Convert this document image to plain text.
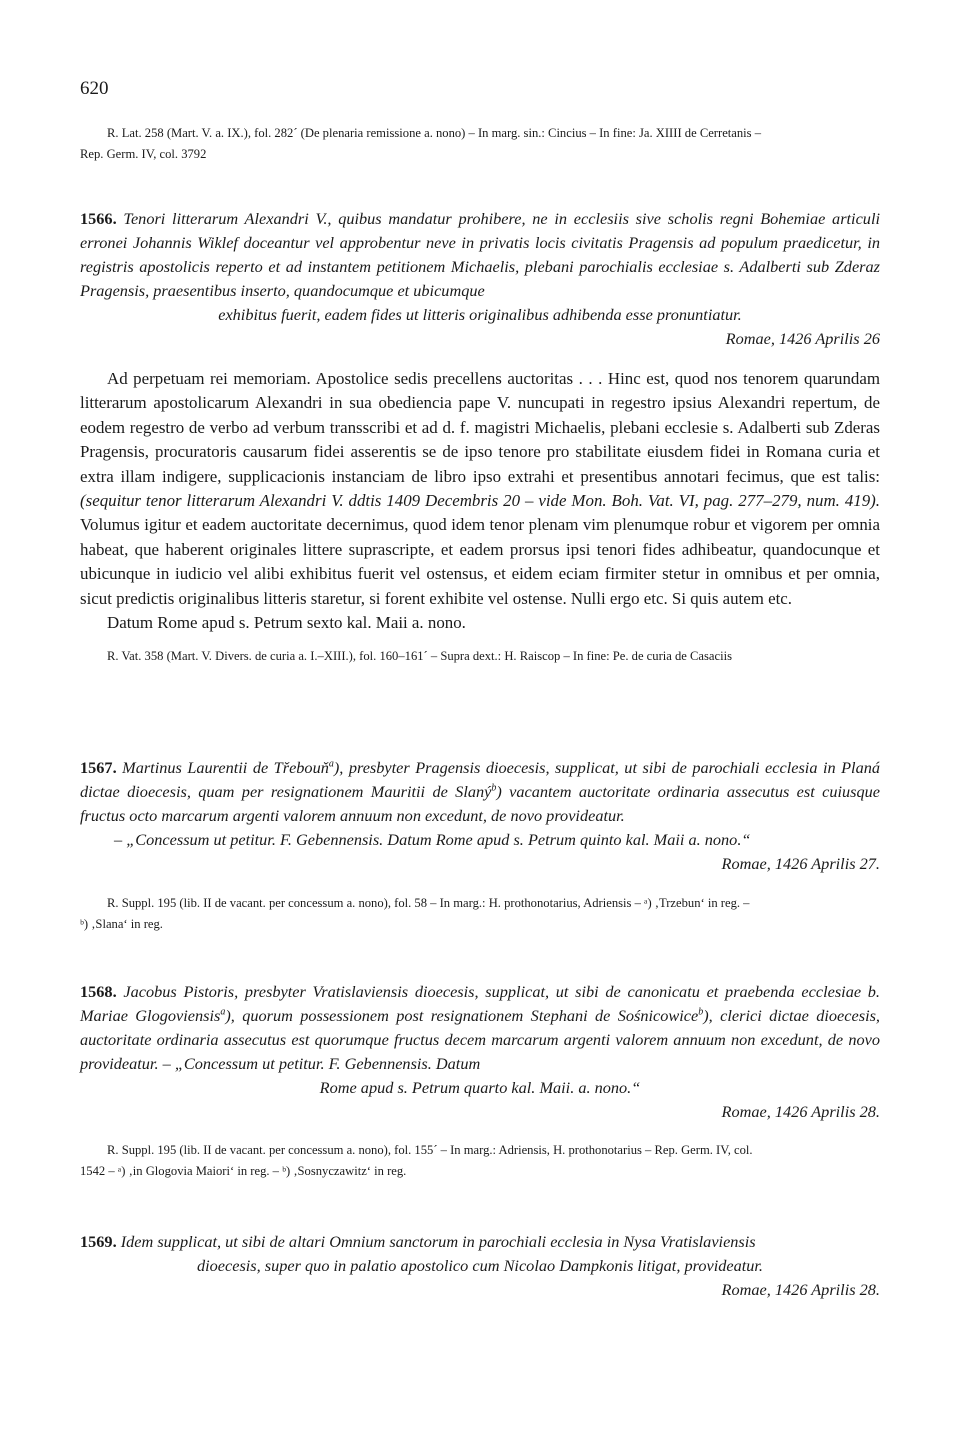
620
R. Lat. 258 (Mart. V. a. IX.), fol. 282´ (De plenaria remissione a. nono) – In marg. sin.: Cincius – In fine: Ja. XIIII de Cerretanis –
Rep. Germ. IV, col. 3792
1566. Tenori litterarum Alexandri V., quibus mandatur prohibere, ne in ecclesiis sive scholis regni Bohemiae articuli erronei Johannis Wiklef doceantur vel approbentur neve in privatis locis civitatis Pragensis ad populum praedicetur, in registris apostolicis reperto et ad instantem petitionem Michaelis, plebani parochialis ecclesiae s. Adalberti sub Zderaz Pragensis, praesentibus inserto, quandocumque et ubicumque
exhibitus fuerit, eadem fides ut litteris originalibus adhibenda esse pronuntiatur.
Romae, 1426 Aprilis 26
Ad perpetuam rei memoriam. Apostolice sedis precellens auctoritas . . . Hinc est, quod nos tenorem quarundam litterarum apostolicarum Alexandri in sua obediencia pape V. nuncupati in regestro ipsius Alexandri repertum, de eodem regestro de verbo ad verbum transscribi et ad d. f. magistri Michaelis, plebani ecclesie s. Adalberti sub Zderas Pragensis, procuratoris causarum fidei asserentis se de ipso tenore pro stabilitate eiusdem fidei in Romana curia et extra illam indigere, supplicacionis instanciam de libro ipso extrahi et presentibus annotari fecimus, que est talis: (sequitur tenor litterarum Alexandri V. ddtis 1409 Decembris 20 – vide Mon. Boh. Vat. VI, pag. 277–279, num. 419). Volumus igitur et eadem auctoritate decernimus, quod idem tenor plenam vim plenumque robur et vigorem per omnia habeat, que haberent originales littere suprascripte, et eadem prorsus ipsi tenori fides adhibeatur, quandocunque et ubicunque in iudicio vel alibi exhibitus fuerit vel ostensus, et eidem eciam firmiter stetur in omnibus et per omnia, sicut predictis originalibus litteris staretur, si forent exhibite vel ostense. Nulli ergo etc. Si quis autem etc.
Datum Rome apud s. Petrum sexto kal. Maii a. nono.
R. Vat. 358 (Mart. V. Divers. de curia a. I.–XIII.), fol. 160–161´ – Supra dext.: H. Raiscop – In fine: Pe. de curia de Casaciis
1567. Martinus Laurentii de Třebouň$^a$), presbyter Pragensis dioecesis, supplicat, ut sibi de parochiali ecclesia in Planá dictae dioecesis, quam per resignationem Mauritii de Slaný$^b$) vacantem auctoritate ordinaria assecutus est cuiusque fructus octo marcarum argenti valorem annuum non excedunt, de novo provideatur.
– „Concessum ut petitur. F. Gebennensis. Datum Rome apud s. Petrum quinto kal. Maii a. nono.“
Romae, 1426 Aprilis 27.
R. Suppl. 195 (lib. II de vacant. per concessum a. nono), fol. 58 – In marg.: H. prothonotarius, Adriensis – ᵃ) ‚Trzebun‘ in reg. –
ᵇ) ‚Slana‘ in reg.
1568. Jacobus Pistoris, presbyter Vratislaviensis dioecesis, supplicat, ut sibi de canonicatu et praebenda ecclesiae b. Mariae Glogoviensis$^a$), quorum possessionem post resignationem Stephani de Sośnicowice$^b$), clerici dictae dioecesis, auctoritate ordinaria assecutus est quorumque fructus decem marcarum argenti valorem annuum non excedunt, de novo provideatur. – „Concessum ut petitur. F. Gebennensis. Datum
Rome apud s. Petrum quarto kal. Maii. a. nono.“
Romae, 1426 Aprilis 28.
R. Suppl. 195 (lib. II de vacant. per concessum a. nono), fol. 155´ – In marg.: Adriensis, H. prothonotarius – Rep. Germ. IV, col.
1542 – ᵃ) ‚in Glogovia Maiori‘ in reg. – ᵇ) ‚Sosnyczawitz‘ in reg.
1569. Idem supplicat, ut sibi de altari Omnium sanctorum in parochiali ecclesia in Nysa Vratislaviensis
dioecesis, super quo in palatio apostolico cum Nicolao Dampkonis litigat, provideatur.
Romae, 1426 Aprilis 28.
